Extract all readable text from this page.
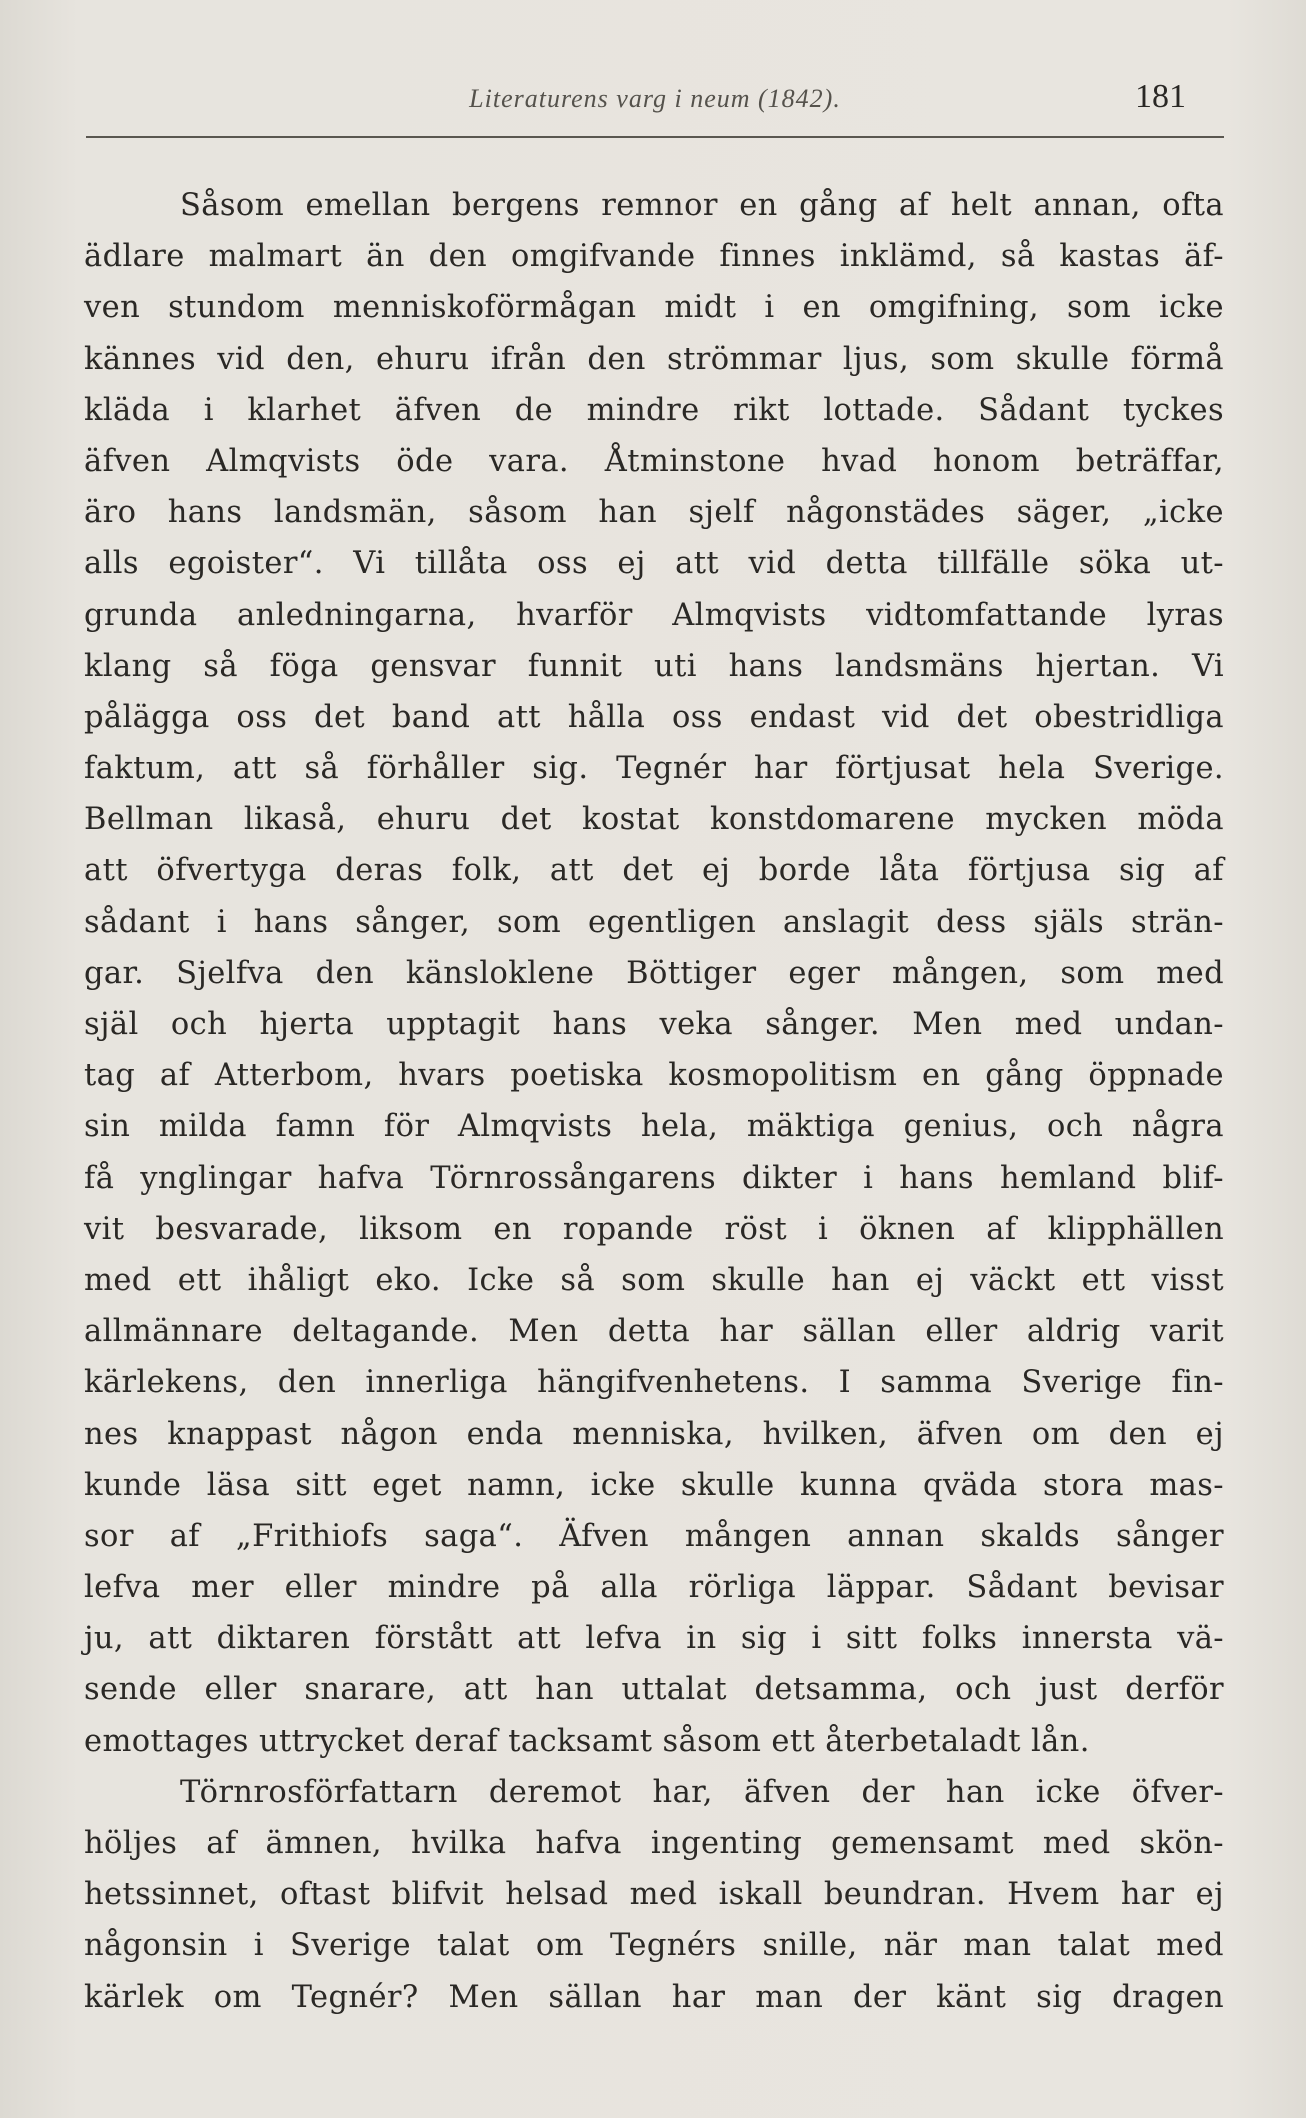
Literaturens varg i neum (1842).	181
Såsom emellan bergens remnor en gång af helt annan, ofta
ädlare malmart än den omgifvande finnes inklämd, så kastas äf-
ven stundom menniskoförmågan midt i en omgifning, som icke
kännes vid den, ehuru ifrån den strömmar ljus, som skulle förmå
kläda i klarhet äfven de mindre rikt lottade. Sådant tyckes
äfven Almqvists öde vara. Åtminstone hvad honom beträffar,
äro hans landsmän, såsom han sjelf någonstädes säger, „icke
alls egoister“. Vi tillåta oss ej att vid detta tillfälle söka ut-
grunda anledningarna, hvarför Almqvists vidtomfattande lyras
klang så föga gensvar funnit uti hans landsmäns hjertan. Vi
pålägga oss det band att hålla oss endast vid det obestridliga
faktum, att så förhåller sig. Tegnér har förtjusat hela Sverige.
Bellman likaså, ehuru det kostat konstdomarene mycken möda
att öfvertyga deras folk, att det ej borde låta förtjusa sig af
sådant i hans sånger, som egentligen anslagit dess själs strän-
gar. Sjelfva den känsloklene Böttiger eger mången, som med
själ och hjerta upptagit hans veka sånger. Men med undan-
tag af Atterbom, hvars poetiska kosmopolitism en gång öppnade
sin milda famn för Almqvists hela, mäktiga genius, och några
få ynglingar hafva Törnrossångarens dikter i hans hemland blif-
vit besvarade, liksom en ropande röst i öknen af klipphällen
med ett ihåligt eko. Icke så som skulle han ej väckt ett visst
allmännare deltagande. Men detta har sällan eller aldrig varit
kärlekens, den innerliga hängifvenhetens. I samma Sverige fin-
nes knappast någon enda menniska, hvilken, äfven om den ej
kunde läsa sitt eget namn, icke skulle kunna qväda stora mas-
sor af „Frithiofs saga“. Äfven mången annan skalds sånger
lefva mer eller mindre på alla rörliga läppar. Sådant bevisar
ju, att diktaren förstått att lefva in sig i sitt folks innersta vä-
sende eller snarare, att han uttalat detsamma, och just derför
emottages uttrycket deraf tacksamt såsom ett återbetaladt lån.
Törnrosförfattarn deremot har, äfven der han icke öfver-
höljes af ämnen, hvilka hafva ingenting gemensamt med skön-
hetssinnet, oftast blifvit helsad med iskall beundran. Hvem har ej
någonsin i Sverige talat om Tegnérs snille, när man talat med
kärlek om Tegnér? Men sällan har man der känt sig dragen
